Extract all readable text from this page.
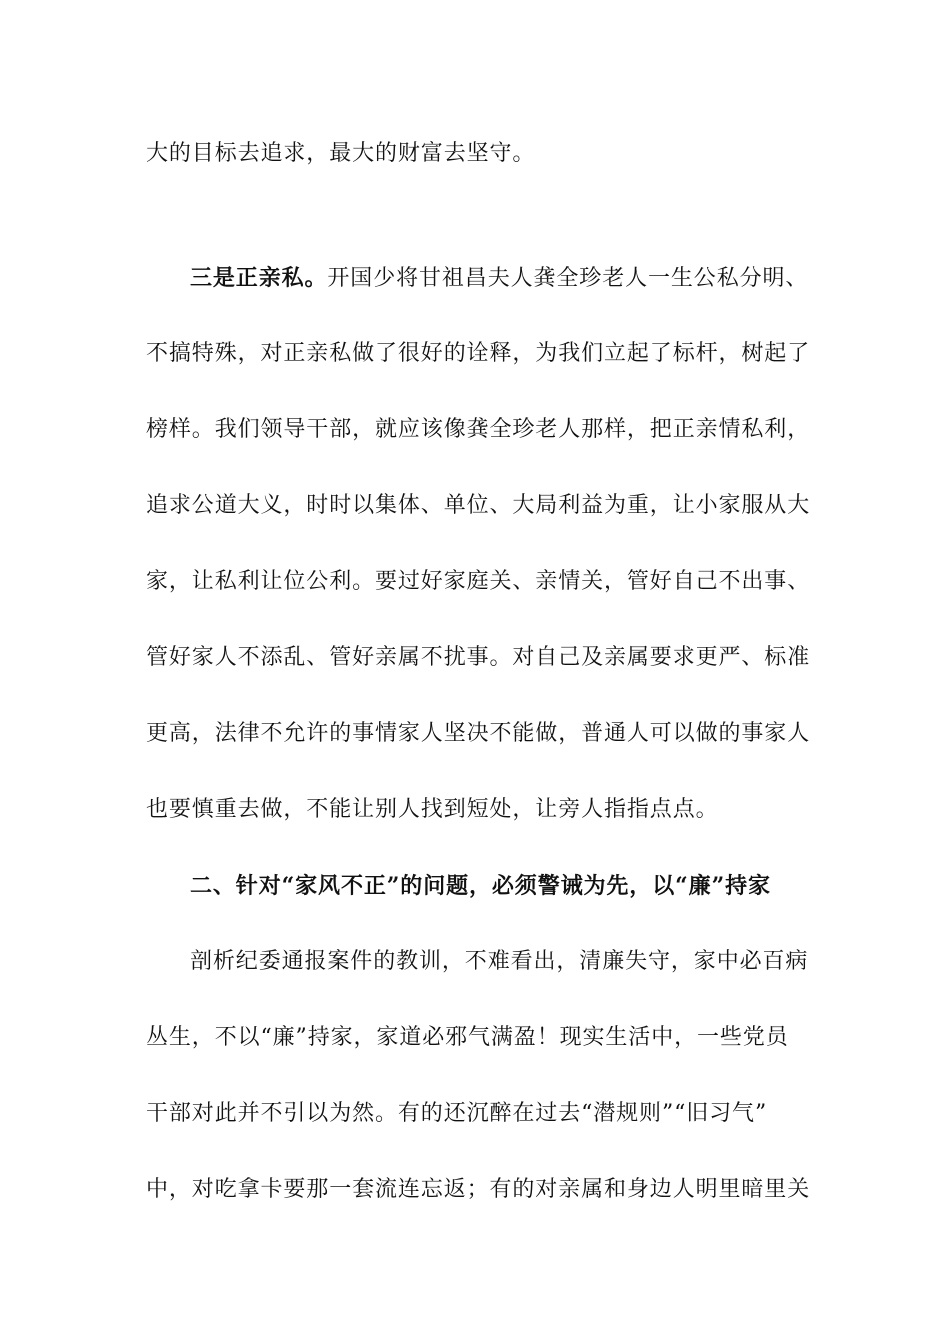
大的目标去追求，最大的财富去坚守。
三是正亲私。开国少将甘祖昌夫人龚全珍老人一生公私分明、
不搞特殊，对正亲私做了很好的诠释，为我们立起了标杆，树起了
榜样。我们领导干部，就应该像龚全珍老人那样，把正亲情私利，
追求公道大义，时时以集体、单位、大局利益为重，让小家服从大
家，让私利让位公利。要过好家庭关、亲情关，管好自己不出事、
管好家人不添乱、管好亲属不扰事。对自己及亲属要求更严、标准
更高，法律不允许的事情家人坚决不能做，普通人可以做的事家人
也要慎重去做，不能让别人找到短处，让旁人指指点点。
二、针对“家风不正”的问题，必须警诫为先，以“廉”持家
剖析纪委通报案件的教训，不难看出，清廉失守，家中必百病
丛生，不以“廉”持家，家道必邪气满盈！现实生活中，一些党员
干部对此并不引以为然。有的还沉醉在过去“潜规则”“旧习气”
中，对吃拿卡要那一套流连忘返；有的对亲属和身边人明里暗里关
